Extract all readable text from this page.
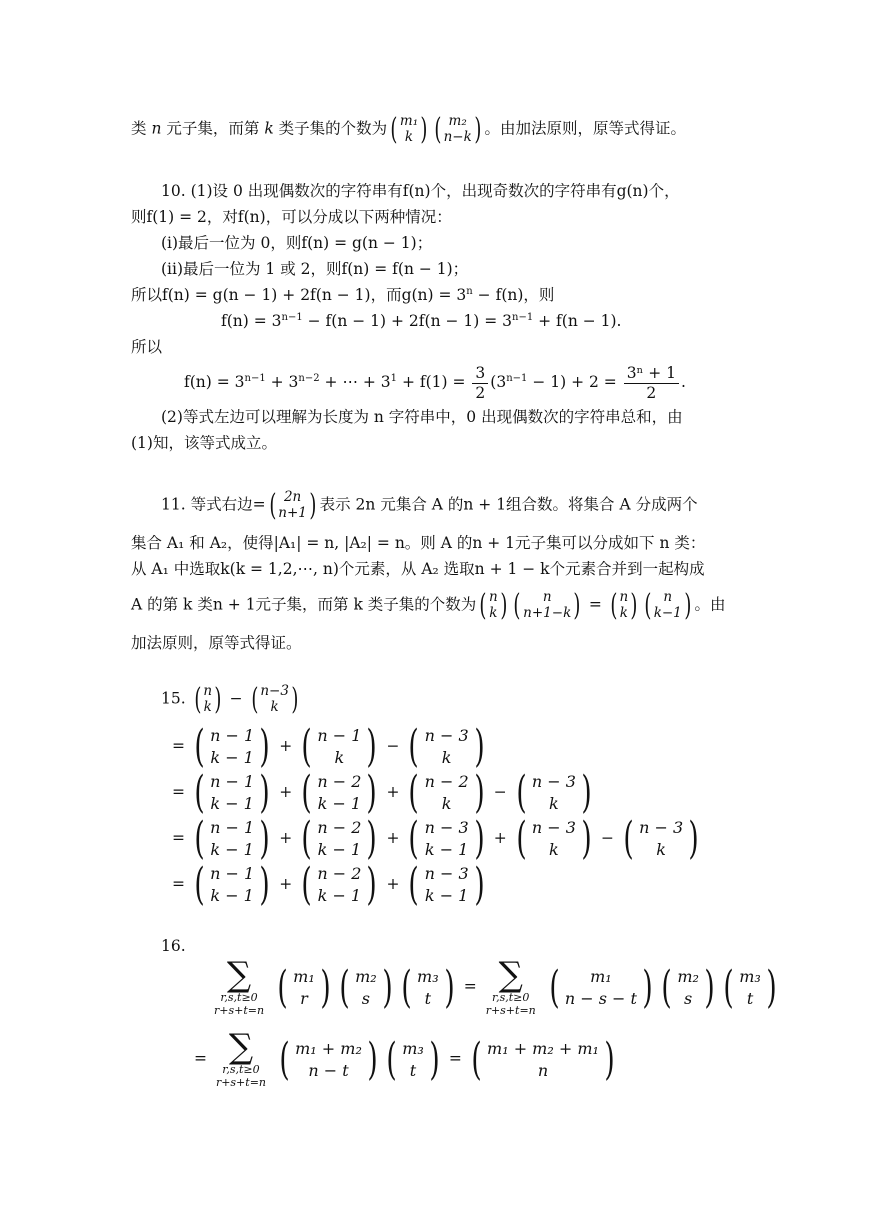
类 n 元子集，而第 k 类子集的个数为 ( m₁
k ) ( m₂
n−k ) 。由加法原则，原等式得证。
10. (1)设 0 出现偶数次的字符串有f(n)个，出现奇数次的字符串有g(n)个，
则f(1) = 2，对f(n)，可以分成以下两种情况：
(i)最后一位为 0，则f(n) = g(n − 1)；
(ii)最后一位为 1 或 2，则f(n) = f(n − 1)；
所以f(n) = g(n − 1) + 2f(n − 1)，而$g(n) = 3^n - f(n)$，则
$f(n) = 3^{n-1} - f(n - 1) + 2f(n - 1) = 3^{n-1} + f(n - 1)$.
所以
$f(n) = 3^{n-1} + 3^{n-2}$ + ⋯ + $3^1 + f(1) = \frac{3}{2} (3^{n-1} - 1) + 2 = \frac{\text{3ⁿ + 1}}{2}$ .
(2)等式左边可以理解为长度为 n 字符串中，0 出现偶数次的字符串总和，由
(1)知，该等式成立。
11. 等式右边= ( 2n
n+1 ) 表示 2n 元集合 A 的n + 1组合数。将集合 A 分成两个
集合 A₁ 和 A₂，使得|A₁| = n, |A₂| = n。则 A 的n + 1元子集可以分成如下 n 类：
从 A₁ 中选取k(k = 1,2,⋯, n)个元素，从 A₂ 选取n + 1 − k个元素合并到一起构成
A 的第 k 类n + 1元子集，而第 k 类子集的个数为 ( n
k ) ( n
n+1−k ) = ( n
k ) ( n
k−1 ) 。由
加法原则，原等式得证。
15. ( n
k ) − ( n−3
k )
= ( n − 1
k − 1 ) + ( n − 1
k ) − ( n − 3
k )
= ( n − 1
k − 1 ) + ( n − 2
k − 1 ) + ( n − 2
k ) − ( n − 3
k )
= ( n − 1
k − 1 ) + ( n − 2
k − 1 ) + ( n − 3
k − 1 ) + ( n − 3
k ) − ( n − 3
k )
= ( n − 1
k − 1 ) + ( n − 2
k − 1 ) + ( n − 3
k − 1 )
16.
∑
r,s,t≥0
r+s+t=n
( m₁
r ) ( m₂
s ) ( m₃
t ) = ∑
r,s,t≥0
r+s+t=n
( m₁
n − s − t ) ( m₂
s ) ( m₃
t )
= ∑
r,s,t≥0
r+s+t=n
( m₁ + m₂
n − t ) ( m₃
t ) = ( m₁ + m₂ + m₁
n )
